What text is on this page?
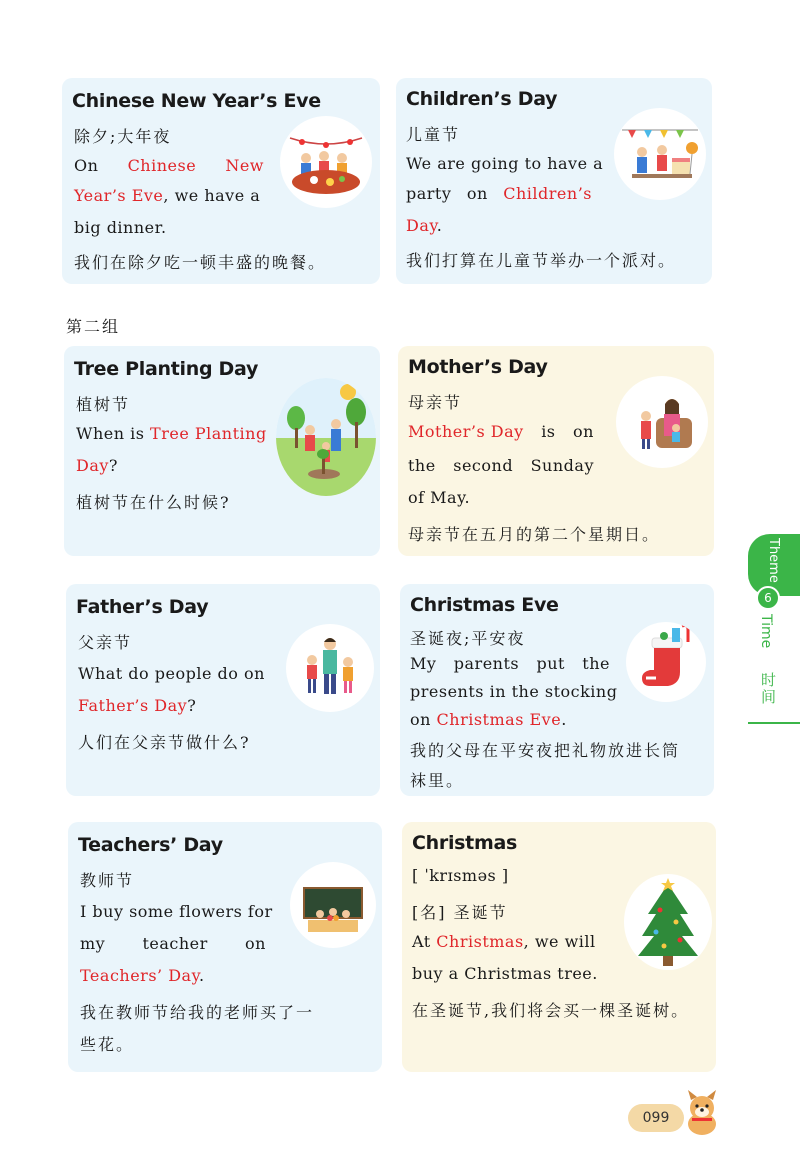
Chinese New Year’s Eve
除夕;大年夜
On Chinese New
Year’s Eve, we have a
big dinner.
我们在除夕吃一顿丰盛的晚餐。
Children’s Day
儿童节
We are going to have a
party on Children’s
Day.
我们打算在儿童节举办一个派对。
第二组
Tree Planting Day
植树节
When is Tree Planting
Day?
植树节在什么时候?
Mother’s Day
母亲节
Mother’s Day is on
the second Sunday
of May.
母亲节在五月的第二个星期日。
Father’s Day
父亲节
What do people do on
Father’s Day?
人们在父亲节做什么?
Christmas Eve
圣诞夜;平安夜
My parents put the
presents in the stocking
on Christmas Eve.
我的父母在平安夜把礼物放进长筒
袜里。
Teachers’ Day
教师节
I buy some flowers for
my teacher on
Teachers’ Day.
我在教师节给我的老师买了一
些花。
Christmas
[ ˈkrɪsməs ]
[名] 圣诞节
At Christmas, we will
buy a Christmas tree.
在圣诞节,我们将会买一棵圣诞树。
Theme
6
Time
时间
099
